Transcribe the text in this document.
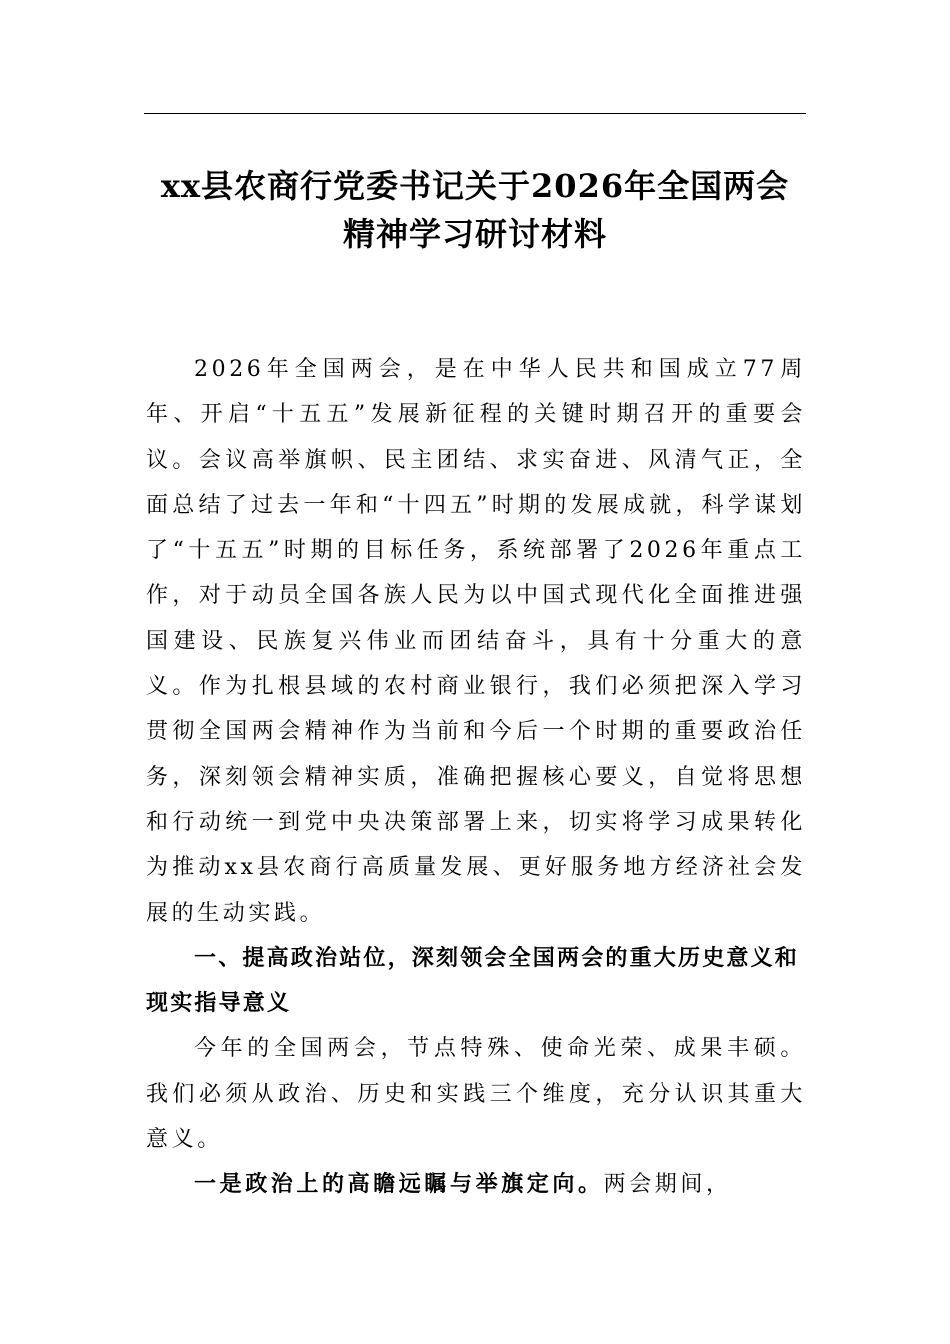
xx县农商行党委书记关于2026年全国两会
精神学习研讨材料

2026年全国两会，是在中华人民共和国成立77周年、开启“十五五”发展新征程的关键时期召开的重要会议。会议高举旗帜、民主团结、求实奋进、风清气正，全面总结了过去一年和“十四五”时期的发展成就，科学谋划了“十五五”时期的目标任务，系统部署了2026年重点工作，对于动员全国各族人民为以中国式现代化全面推进强国建设、民族复兴伟业而团结奋斗，具有十分重大的意义。作为扎根县域的农村商业银行，我们必须把深入学习贯彻全国两会精神作为当前和今后一个时期的重要政治任务，深刻领会精神实质，准确把握核心要义，自觉将思想和行动统一到党中央决策部署上来，切实将学习成果转化为推动xx县农商行高质量发展、更好服务地方经济社会发展的生动实践。

一、提高政治站位，深刻领会全国两会的重大历史意义和现实指导意义

今年的全国两会，节点特殊、使命光荣、成果丰硕。我们必须从政治、历史和实践三个维度，充分认识其重大意义。

一是政治上的高瞻远瞩与举旗定向。两会期间，
